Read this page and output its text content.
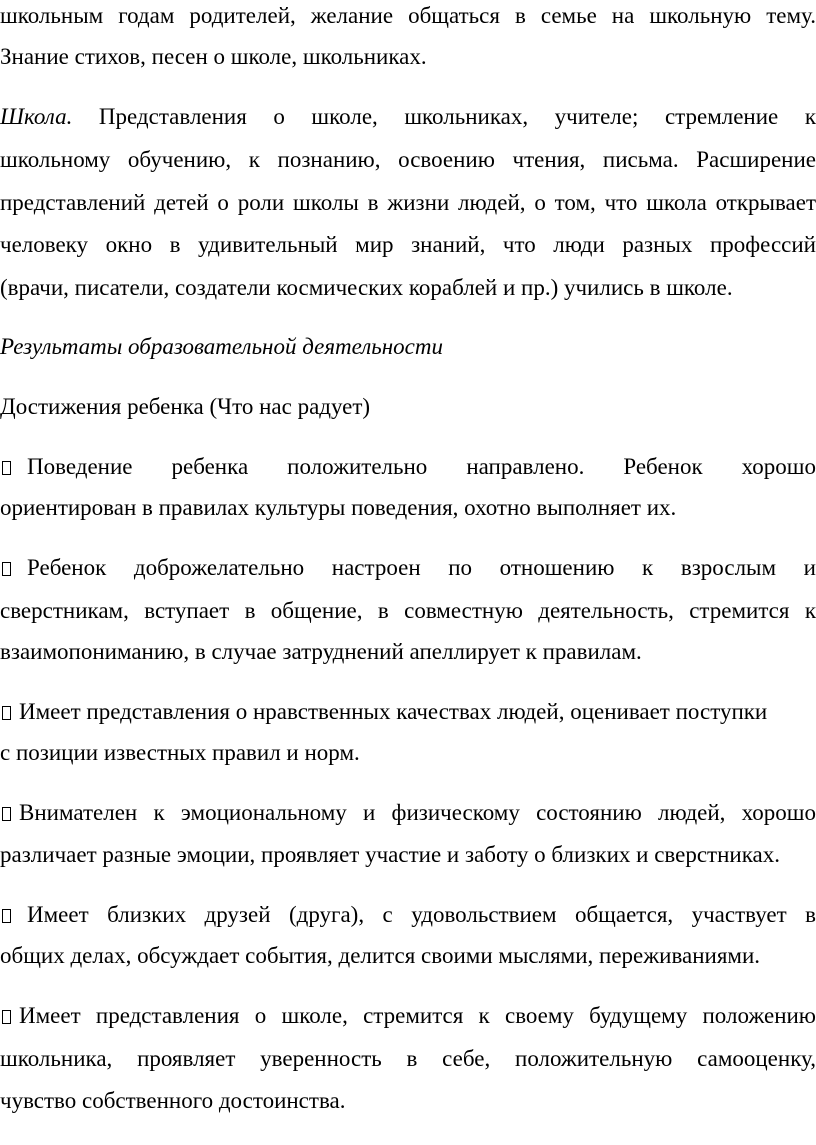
школьным годам родителей, желание общаться в семье на школьную тему.
Знание стихов, песен о школе, школьниках.
Школа. Представления о школе, школьниках, учителе; стремление к
школьному обучению, к познанию, освоению чтения, письма. Расширение
представлений детей о роли школы в жизни людей, о том, что школа открывает
человеку окно в удивительный мир знаний, что люди разных профессий
(врачи, писатели, создатели космических кораблей и пр.) учились в школе.
Результаты образовательной деятельности
Достижения ребенка (Что нас радует)
Поведение ребенка положительно направлено. Ребенок хорошо
ориентирован в правилах культуры поведения, охотно выполняет их.
Ребенок доброжелательно настроен по отношению к взрослым и
сверстникам, вступает в общение, в совместную деятельность, стремится к
взаимопониманию, в случае затруднений апеллирует к правилам.
Имеет представления о нравственных качествах людей, оценивает поступки
с позиции известных правил и норм.
Внимателен к эмоциональному и физическому состоянию людей, хорошо
различает разные эмоции, проявляет участие и заботу о близких и сверстниках.
Имеет близких друзей (друга), с удовольствием общается, участвует в
общих делах, обсуждает события, делится своими мыслями, переживаниями.
Имеет представления о школе, стремится к своему будущему положению
школьника, проявляет уверенность в себе, положительную самооценку,
чувство собственного достоинства.
